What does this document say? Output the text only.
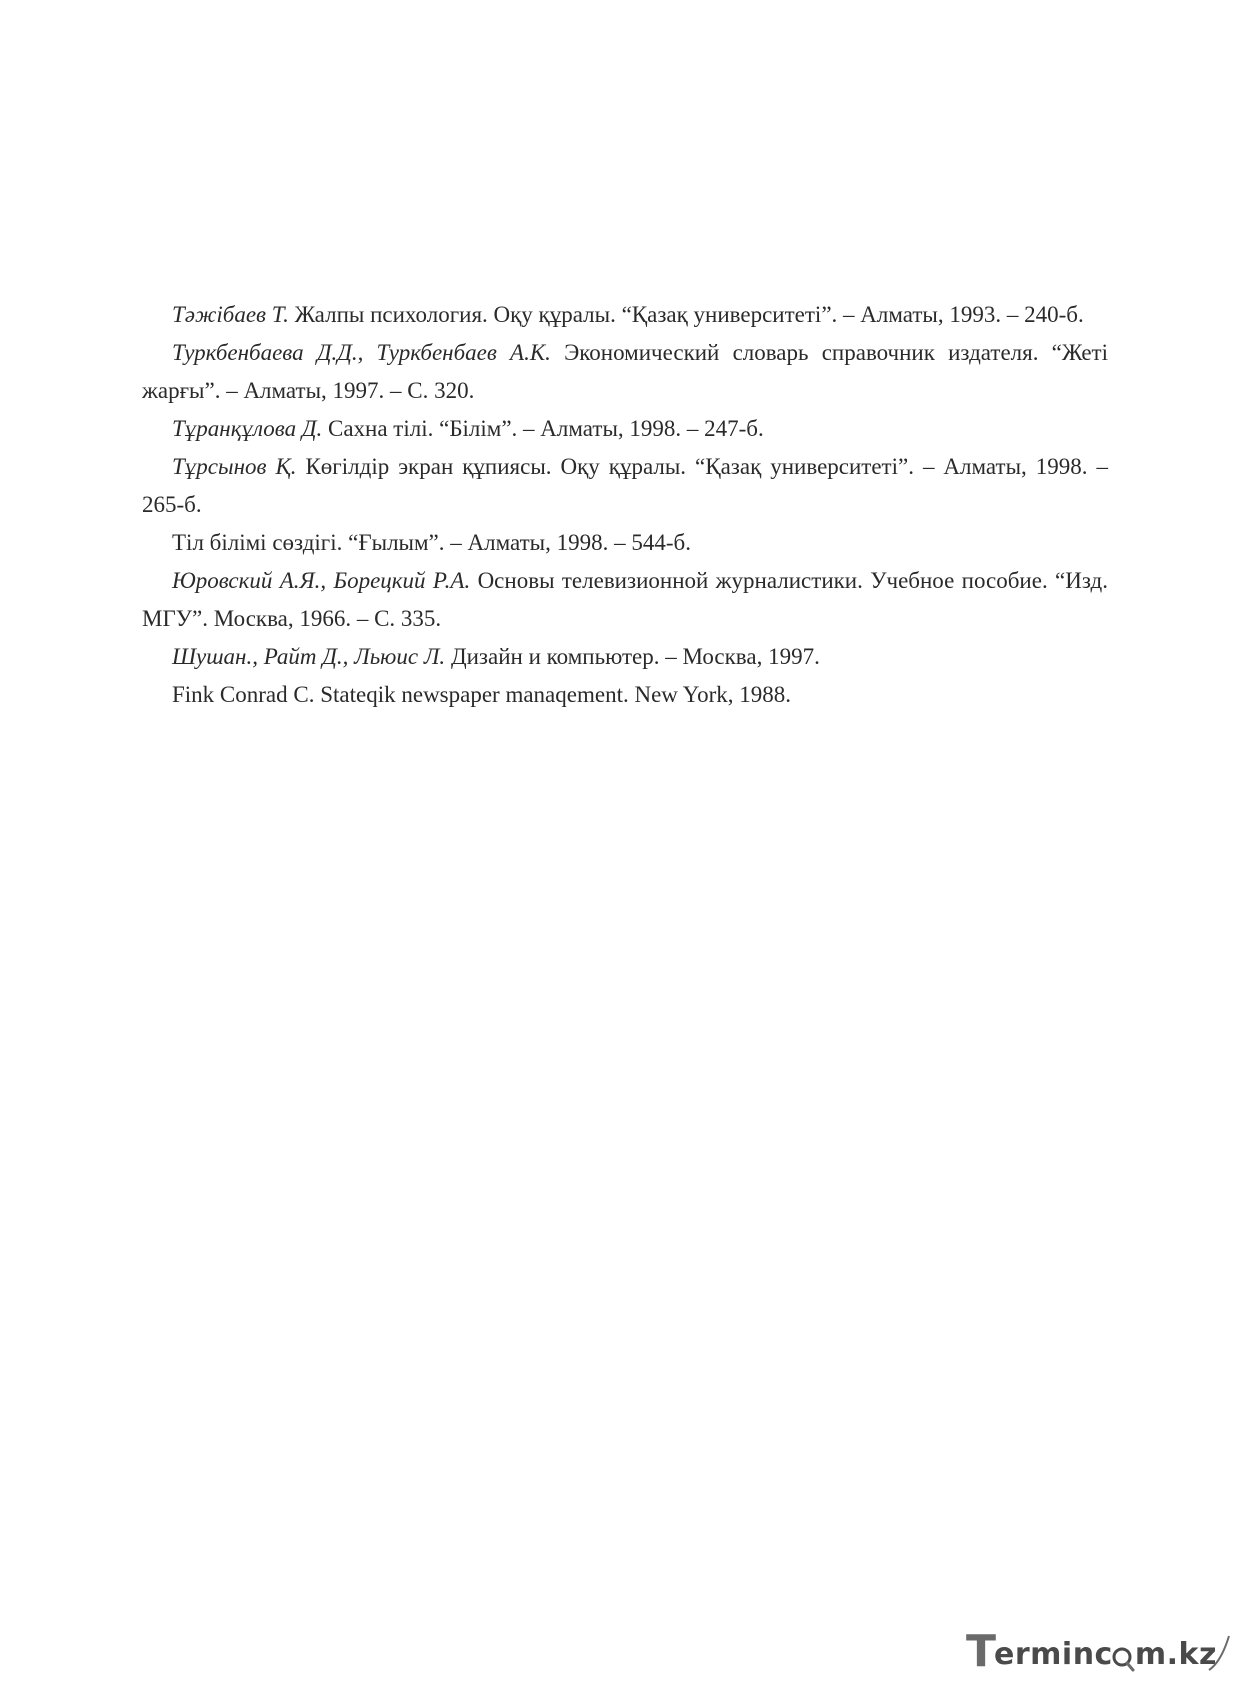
Тәжібаев Т. Жалпы психология. Оқу құралы. “Қазақ университеті”. – Алматы, 1993. – 240-б.

Туркбенбаева Д.Д., Туркбенбаев А.К. Экономический словарь справочник издателя. “Жеті жарғы”. – Алматы, 1997. – С. 320.

Тұранқұлова Д. Сахна тілі. “Білім”. – Алматы, 1998. – 247-б.

Тұрсынов Қ. Көгілдір экран құпиясы. Оқу құралы. “Қазақ университеті”. – Алматы, 1998. – 265-б.

Тіл білімі сөздігі. “Ғылым”. – Алматы, 1998. – 544-б.

Юровский А.Я., Борецкий Р.А. Основы телевизионной журналистики. Учебное пособие. “Изд. МГУ”. Москва, 1966. – С. 335.

Шушан., Райт Д., Льюис Л. Дизайн и компьютер. – Москва, 1997.

Fink Conrad C. Stateqik newspaper manaqement. New York, 1988.

T
erminc m.kz
